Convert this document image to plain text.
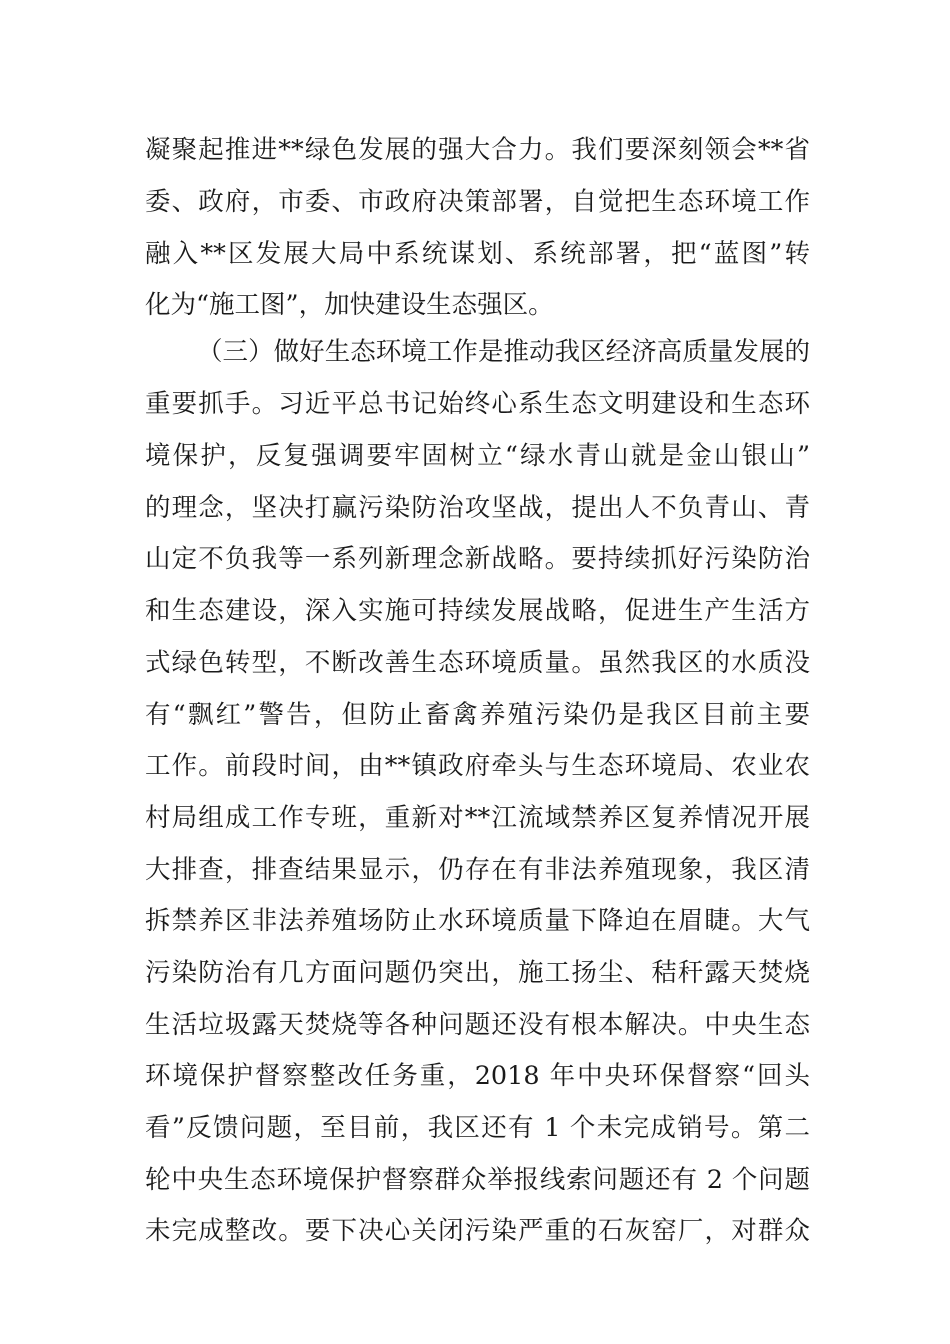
凝聚起推进**绿色发展的强大合力。我们要深刻领会**省
委、政府，市委、市政府决策部署，自觉把生态环境工作
融入**区发展大局中系统谋划、系统部署，把“蓝图”转
化为“施工图”，加快建设生态强区。
（三）做好生态环境工作是推动我区经济高质量发展的
重要抓手。习近平总书记始终心系生态文明建设和生态环
境保护，反复强调要牢固树立“绿水青山就是金山银山”
的理念，坚决打赢污染防治攻坚战，提出人不负青山、青
山定不负我等一系列新理念新战略。要持续抓好污染防治
和生态建设，深入实施可持续发展战略，促进生产生活方
式绿色转型，不断改善生态环境质量。虽然我区的水质没
有“飘红”警告，但防止畜禽养殖污染仍是我区目前主要
工作。前段时间，由**镇政府牵头与生态环境局、农业农
村局组成工作专班，重新对**江流域禁养区复养情况开展
大排查，排查结果显示，仍存在有非法养殖现象，我区清
拆禁养区非法养殖场防止水环境质量下降迫在眉睫。大气
污染防治有几方面问题仍突出，施工扬尘、秸秆露天焚烧
生活垃圾露天焚烧等各种问题还没有根本解决。中央生态
环境保护督察整改任务重，2018 年中央环保督察“回头
看”反馈问题，至目前，我区还有 1 个未完成销号。第二
轮中央生态环境保护督察群众举报线索问题还有 2 个问题
未完成整改。要下决心关闭污染严重的石灰窑厂，对群众
